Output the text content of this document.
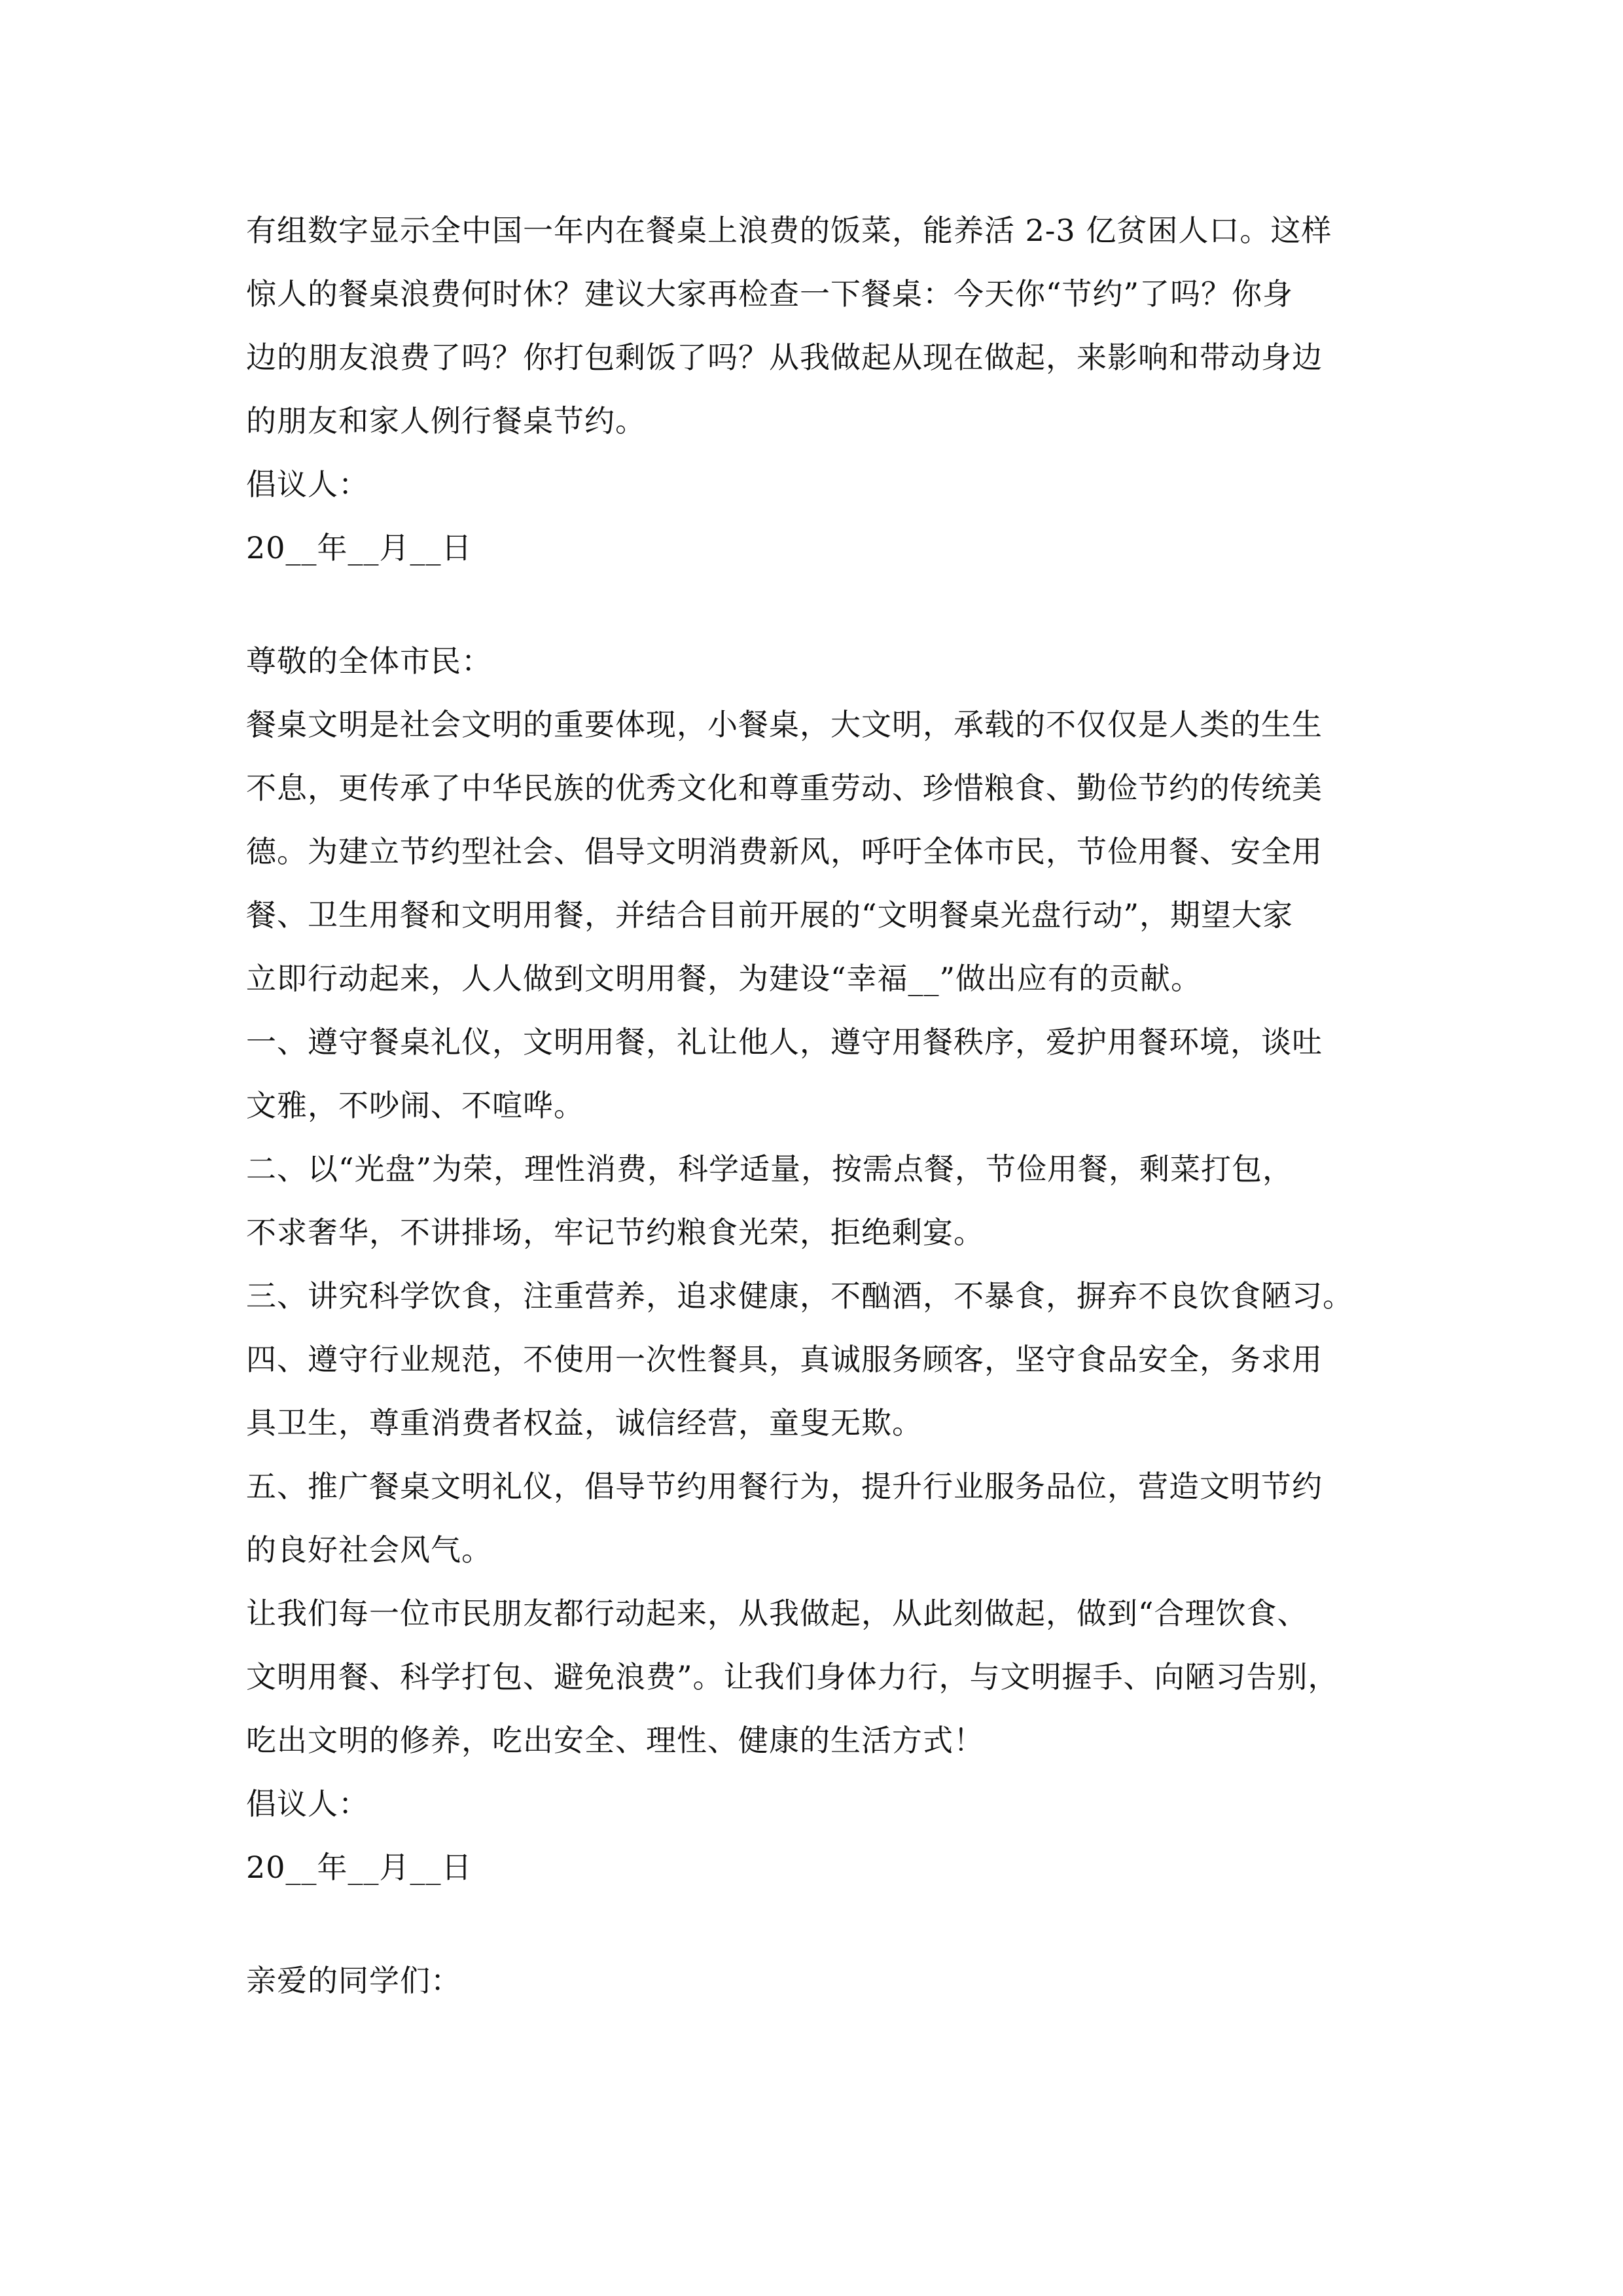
有组数字显示全中国一年内在餐桌上浪费的饭菜，能养活 2-3 亿贫困人口。这样
惊人的餐桌浪费何时休？建议大家再检查一下餐桌：今天你“节约”了吗？你身
边的朋友浪费了吗？你打包剩饭了吗？从我做起从现在做起，来影响和带动身边
的朋友和家人例行餐桌节约。
倡议人：
20__年__月__日
尊敬的全体市民：
餐桌文明是社会文明的重要体现，小餐桌，大文明，承载的不仅仅是人类的生生
不息，更传承了中华民族的优秀文化和尊重劳动、珍惜粮食、勤俭节约的传统美
德。为建立节约型社会、倡导文明消费新风，呼吁全体市民，节俭用餐、安全用
餐、卫生用餐和文明用餐，并结合目前开展的“文明餐桌光盘行动”，期望大家
立即行动起来，人人做到文明用餐，为建设“幸福__”做出应有的贡献。
一、遵守餐桌礼仪，文明用餐，礼让他人，遵守用餐秩序，爱护用餐环境，谈吐
文雅，不吵闹、不喧哗。
二、以“光盘”为荣，理性消费，科学适量，按需点餐，节俭用餐，剩菜打包，
不求奢华，不讲排场，牢记节约粮食光荣，拒绝剩宴。
三、讲究科学饮食，注重营养，追求健康，不酗酒，不暴食，摒弃不良饮食陋习。
四、遵守行业规范，不使用一次性餐具，真诚服务顾客，坚守食品安全，务求用
具卫生，尊重消费者权益，诚信经营，童叟无欺。
五、推广餐桌文明礼仪，倡导节约用餐行为，提升行业服务品位，营造文明节约
的良好社会风气。
让我们每一位市民朋友都行动起来，从我做起，从此刻做起，做到“合理饮食、
文明用餐、科学打包、避免浪费”。让我们身体力行，与文明握手、向陋习告别，
吃出文明的修养，吃出安全、理性、健康的生活方式！
倡议人：
20__年__月__日
亲爱的同学们：
